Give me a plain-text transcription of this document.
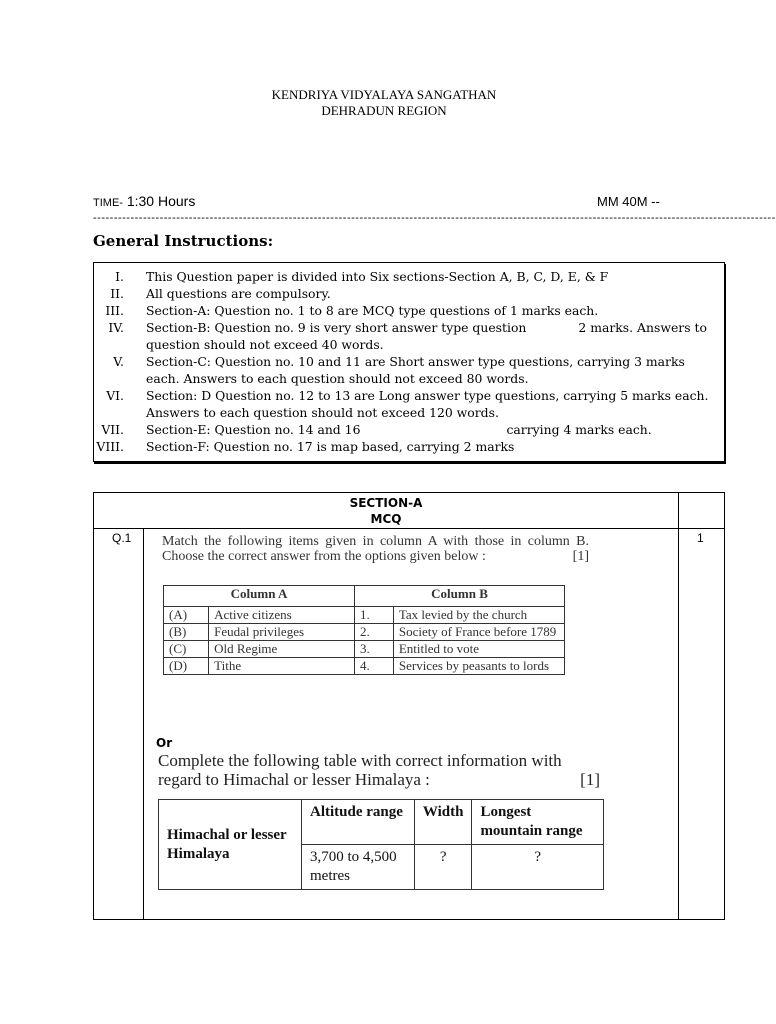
KENDRIYA VIDYALAYA SANGATHAN
DEHRADUN REGION
TIME- 1:30 Hours	MM 40M --
--------------------------------------------------------------------------------------------------------------------------------------------------------------------
General Instructions:
I. This Question paper is divided into Six sections-Section A, B, C, D, E, & F
II. All questions are compulsory.
III. Section-A: Question no. 1 to 8 are MCQ type questions of 1 marks each.
IV. Section-B: Question no. 9 is very short answer type question	2 marks. Answers to question should not exceed 40 words.
V. Section-C: Question no. 10 and 11 are Short answer type questions, carrying 3 marks each. Answers to each question should not exceed 80 words.
VI. Section: D Question no. 12 to 13 are Long answer type questions, carrying 5 marks each. Answers to each question should not exceed 120 words.
VII. Section-E: Question no. 14 and 16	carrying 4 marks each.
VIII. Section-F: Question no. 17 is map based, carrying 2 marks
SECTION-A
MCQ
Q.1	1
Match the following items given in column A with those in column B. Choose the correct answer from the options given below :	[1]
Column A		Column B	
(A)	Active citizens	1.	Tax levied by the church
(B)	Feudal privileges	2.	Society of France before 1789
(C)	Old Regime	3.	Entitled to vote
(D)	Tithe	4.	Services by peasants to lords
Or
Complete the following table with correct information with regard to Himachal or lesser Himalaya :	[1]
Himachal or lesser Himalaya	Altitude range	Width	Longest mountain range
	3,700 to 4,500 metres	?	?
